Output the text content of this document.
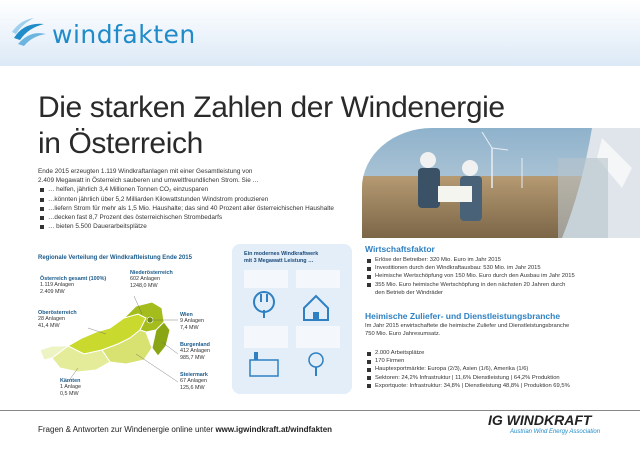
windfakten
Die starken Zahlen der Windenergie
in Österreich
Ende 2015 erzeugten 1.119 Windkraftanlagen mit einer Gesamtleistung von
2.409 Megawatt in Österreich sauberen und umweltfreundlichen Strom. Sie …
… helfen, jährlich 3,4 Millionen Tonnen CO₂ einzusparen
…könnten jährlich über 5,2 Milliarden Kilowattstunden Windstrom produzieren
…liefern Strom für mehr als 1,5 Mio. Haushalte; das sind 40 Prozent aller österreichischen Haushalte
…decken fast 8,7 Prozent des österreichischen Strombedarfs
… bieten 5.500 Dauerarbeitsplätze
Regionale Verteilung der Windkraftleistung Ende 2015
Österreich gesamt (100%)
1.119 Anlagen
2.409 MW
Niederösterreich
602 Anlagen
1248,0 MW
Oberösterreich
28 Anlagen
41,4 MW
Wien
9 Anlagen
7,4 MW
Burgenland
412 Anlagen
985,7 MW
Steiermark
67 Anlagen
125,6 MW
Kärnten
1 Anlage
0,5 MW
Ein modernes Windkraftwerk
mit 3 Megawatt Leistung …
Wirtschaftsfaktor
Erlöse der Betreiber: 320 Mio. Euro im Jahr 2015
Investitionen durch den Windkraftausbau: 530 Mio. im Jahr 2015
Heimische Wertschöpfung von 150 Mio. Euro durch den Ausbau im Jahr 2015
355 Mio. Euro heimische Wertschöpfung in den nächsten 20 Jahren durch
den Betrieb der Windräder
Heimische Zuliefer- und Dienstleistungsbranche
Im Jahr 2015 erwirtschaftete die heimische Zuliefer und Dienstleistungsbranche
750 Mio. Euro Jahresumsatz.
2.000 Arbeitsplätze
170 Firmen
Hauptexportmärkte: Europa (2/3), Asien (1/6), Amerika (1/6)
Sektoren: 24,2% Infrastruktur | 11,6% Dienstleistung | 64,2% Produktion
Exportquote: Infrastruktur: 34,8% | Dienstleistung 48,8% | Produktion 69,5%
Fragen & Antworten zur Windenergie online unter www.igwindkraft.at/windfakten
IG WINDKRAFT
Austrian Wind Energy Association
